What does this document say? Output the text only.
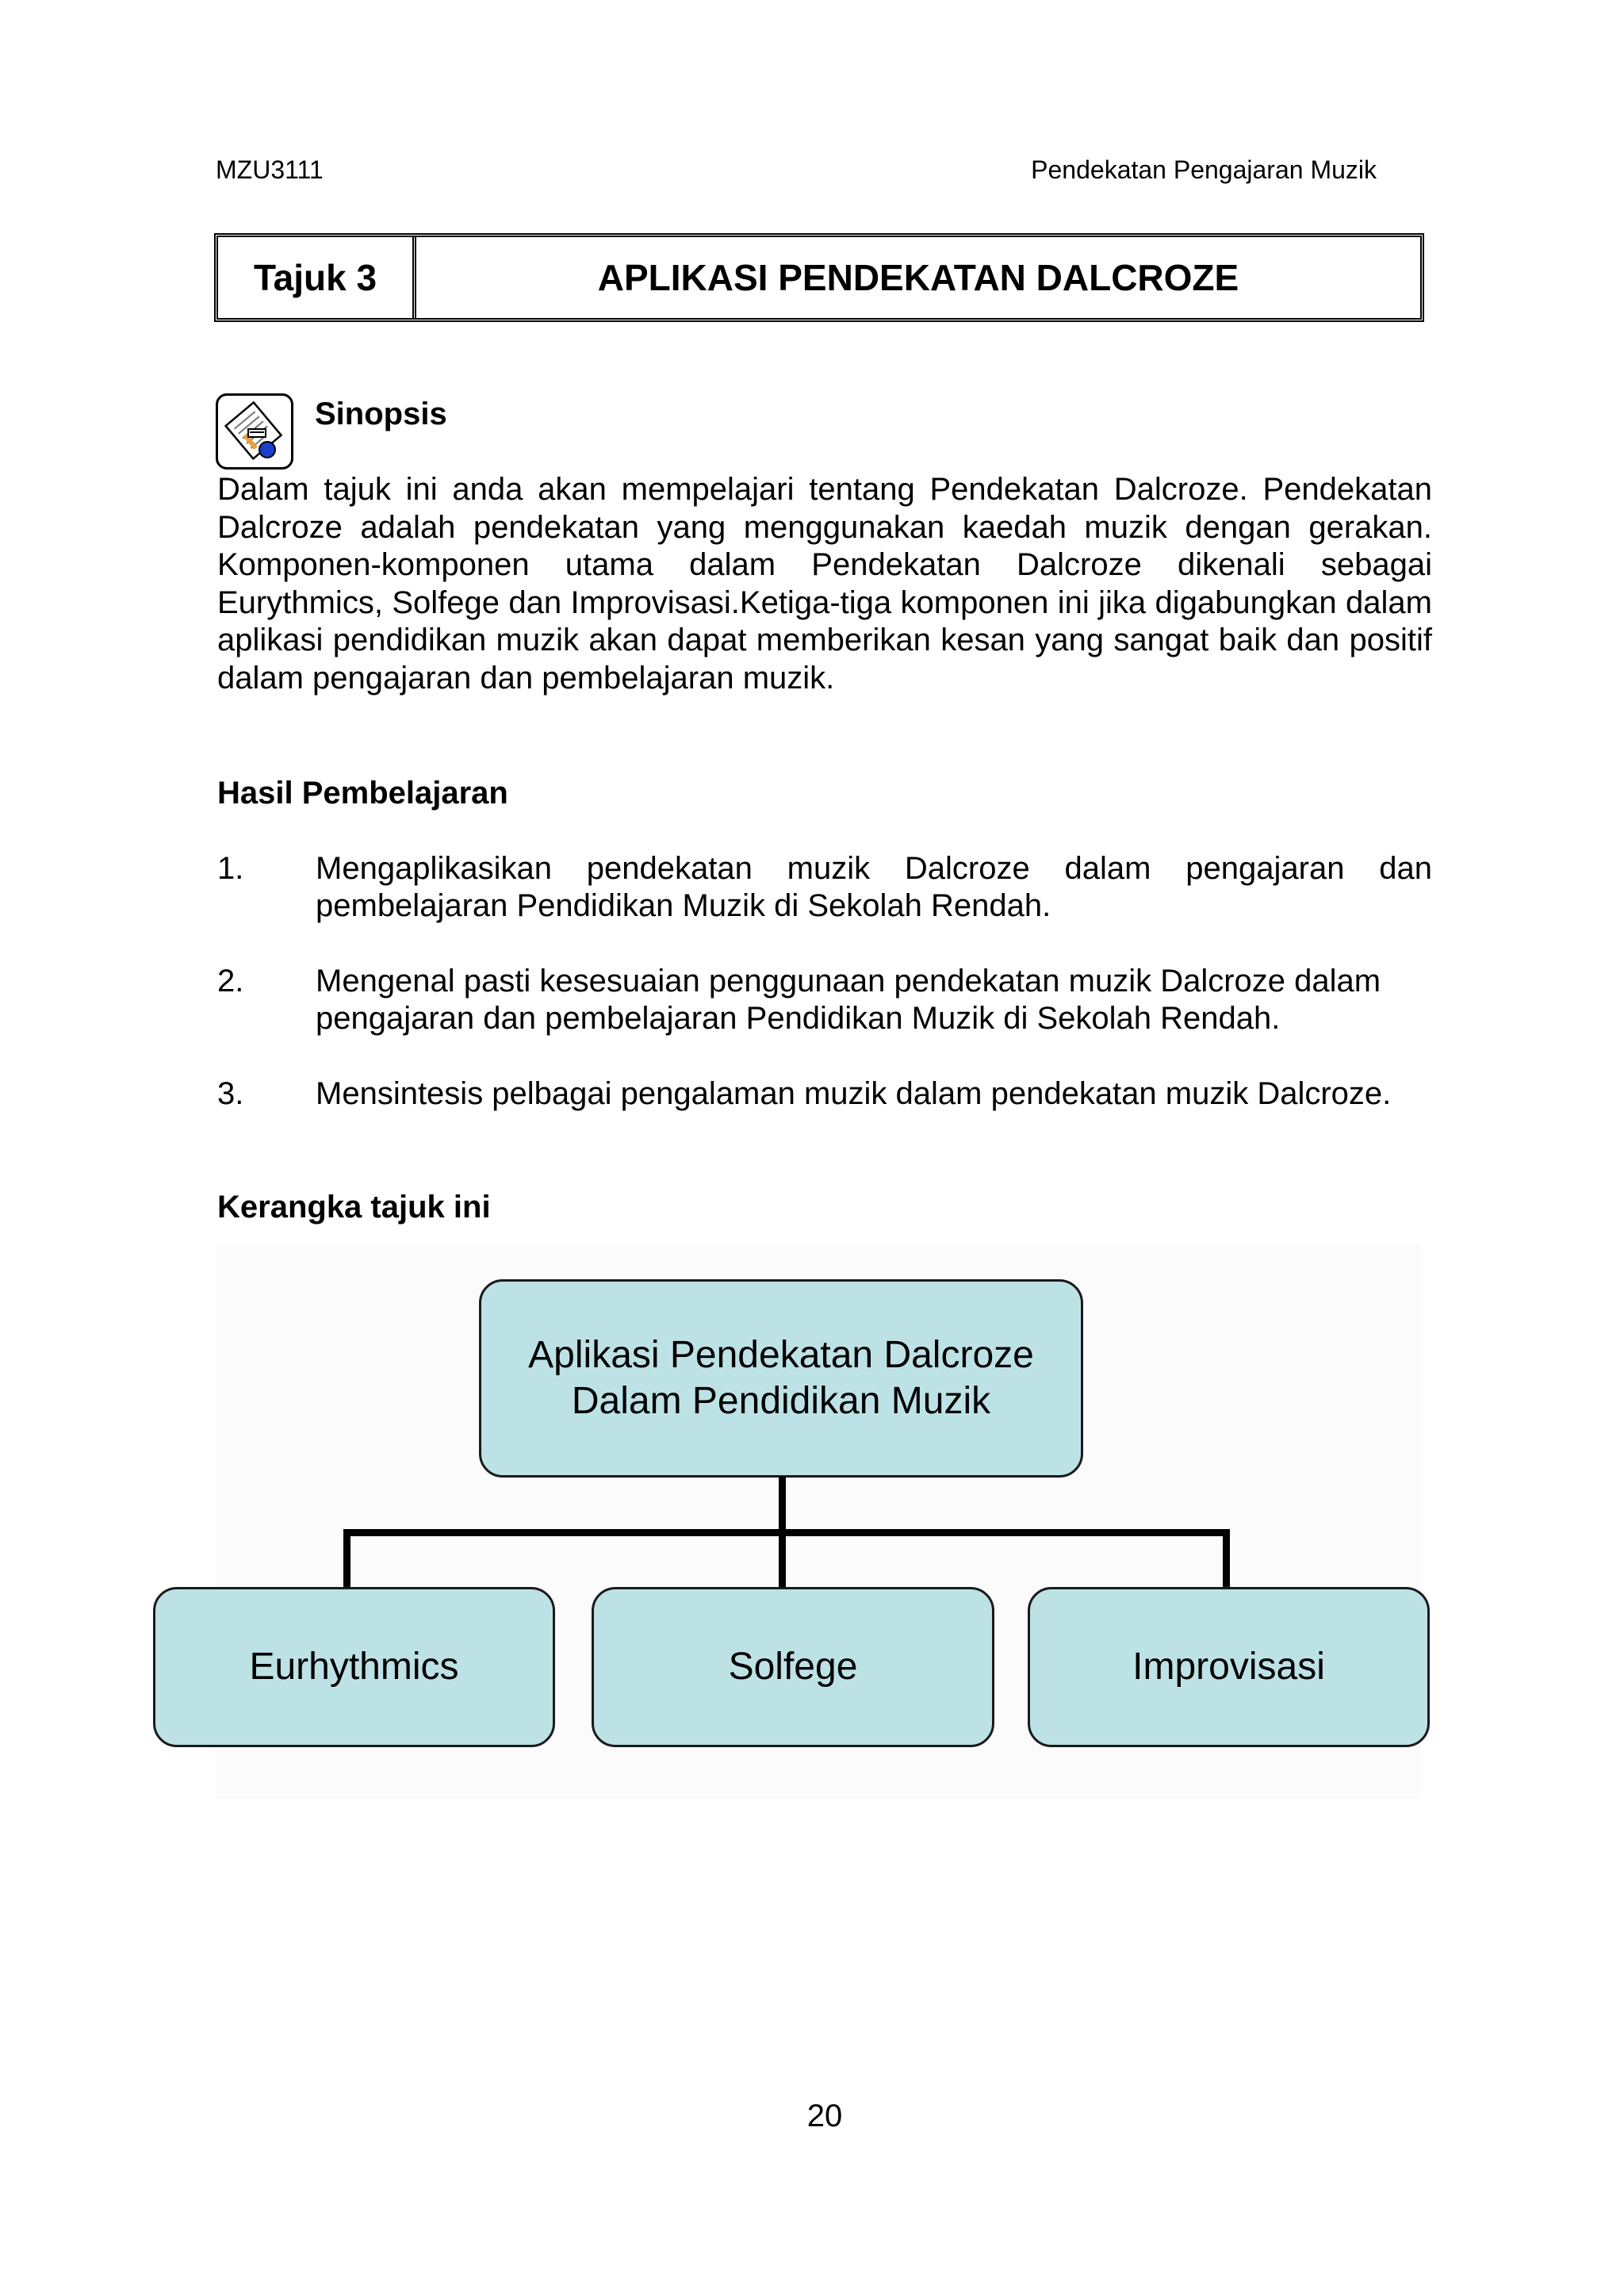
MZU3111	Pendekatan Pengajaran Muzik
Tajuk 3	APLIKASI PENDEKATAN DALCROZE
Sinopsis
Dalam tajuk ini anda akan mempelajari tentang Pendekatan Dalcroze. Pendekatan Dalcroze adalah pendekatan yang menggunakan kaedah muzik dengan gerakan. Komponen-komponen utama dalam Pendekatan Dalcroze dikenali sebagai Eurythmics, Solfege dan Improvisasi.Ketiga-tiga komponen ini jika digabungkan dalam aplikasi pendidikan muzik akan dapat memberikan kesan yang sangat baik dan positif dalam pengajaran dan pembelajaran muzik.
Hasil Pembelajaran
1. Mengaplikasikan pendekatan muzik Dalcroze dalam pengajaran dan pembelajaran Pendidikan Muzik di Sekolah Rendah.
2. Mengenal pasti kesesuaian penggunaan pendekatan muzik Dalcroze dalam pengajaran dan pembelajaran Pendidikan Muzik di Sekolah Rendah.
3. Mensintesis pelbagai pengalaman muzik dalam pendekatan muzik Dalcroze.
Kerangka tajuk ini
Aplikasi Pendekatan Dalcroze
Dalam Pendidikan Muzik
Eurhythmics	Solfege	Improvisasi
20
